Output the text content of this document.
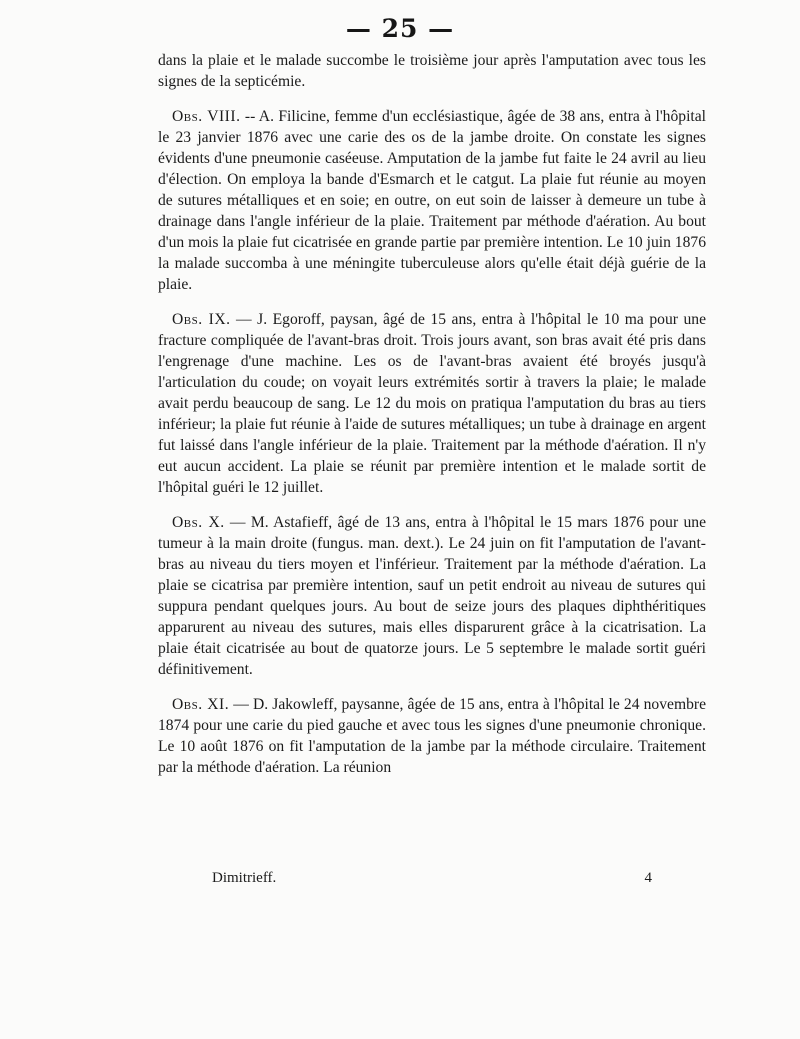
— 25 —

dans la plaie et le malade succombe le troisième jour après l'amputation avec tous les signes de la septicémie.

Obs. VIII. -- A. Filicine, femme d'un ecclésiastique, âgée de 38 ans, entra à l'hôpital le 23 janvier 1876 avec une carie des os de la jambe droite. On constate les signes évidents d'une pneumonie caséeuse. Amputation de la jambe fut faite le 24 avril au lieu d'élection. On employa la bande d'Esmarch et le catgut. La plaie fut réunie au moyen de sutures métalliques et en soie; en outre, on eut soin de laisser à demeure un tube à drainage dans l'angle inférieur de la plaie. Traitement par méthode d'aération. Au bout d'un mois la plaie fut cicatrisée en grande partie par première intention. Le 10 juin 1876 la malade succomba à une méningite tuberculeuse alors qu'elle était déjà guérie de la plaie.

Obs. IX. — J. Egoroff, paysan, âgé de 15 ans, entra à l'hôpital le 10 ma pour une fracture compliquée de l'avant-bras droit. Trois jours avant, son bras avait été pris dans l'engrenage d'une machine. Les os de l'avant-bras avaient été broyés jusqu'à l'articulation du coude; on voyait leurs extrémités sortir à travers la plaie; le malade avait perdu beaucoup de sang. Le 12 du mois on pratiqua l'amputation du bras au tiers inférieur; la plaie fut réunie à l'aide de sutures métalliques; un tube à drainage en argent fut laissé dans l'angle inférieur de la plaie. Traitement par la méthode d'aération. Il n'y eut aucun accident. La plaie se réunit par première intention et le malade sortit de l'hôpital guéri le 12 juillet.

Obs. X. — M. Astafieff, âgé de 13 ans, entra à l'hôpital le 15 mars 1876 pour une tumeur à la main droite (fungus. man. dext.). Le 24 juin on fit l'amputation de l'avant-bras au niveau du tiers moyen et l'inférieur. Traitement par la méthode d'aération. La plaie se cicatrisa par première intention, sauf un petit endroit au niveau de sutures qui suppura pendant quelques jours. Au bout de seize jours des plaques diphthéritiques apparurent au niveau des sutures, mais elles disparurent grâce à la cicatrisation. La plaie était cicatrisée au bout de quatorze jours. Le 5 septembre le malade sortit guéri définitivement.

Obs. XI. — D. Jakowleff, paysanne, âgée de 15 ans, entra à l'hôpital le 24 novembre 1874 pour une carie du pied gauche et avec tous les signes d'une pneumonie chronique. Le 10 août 1876 on fit l'amputation de la jambe par la méthode circulaire. Traitement par la méthode d'aération. La réunion

Dimitrieff.	4
